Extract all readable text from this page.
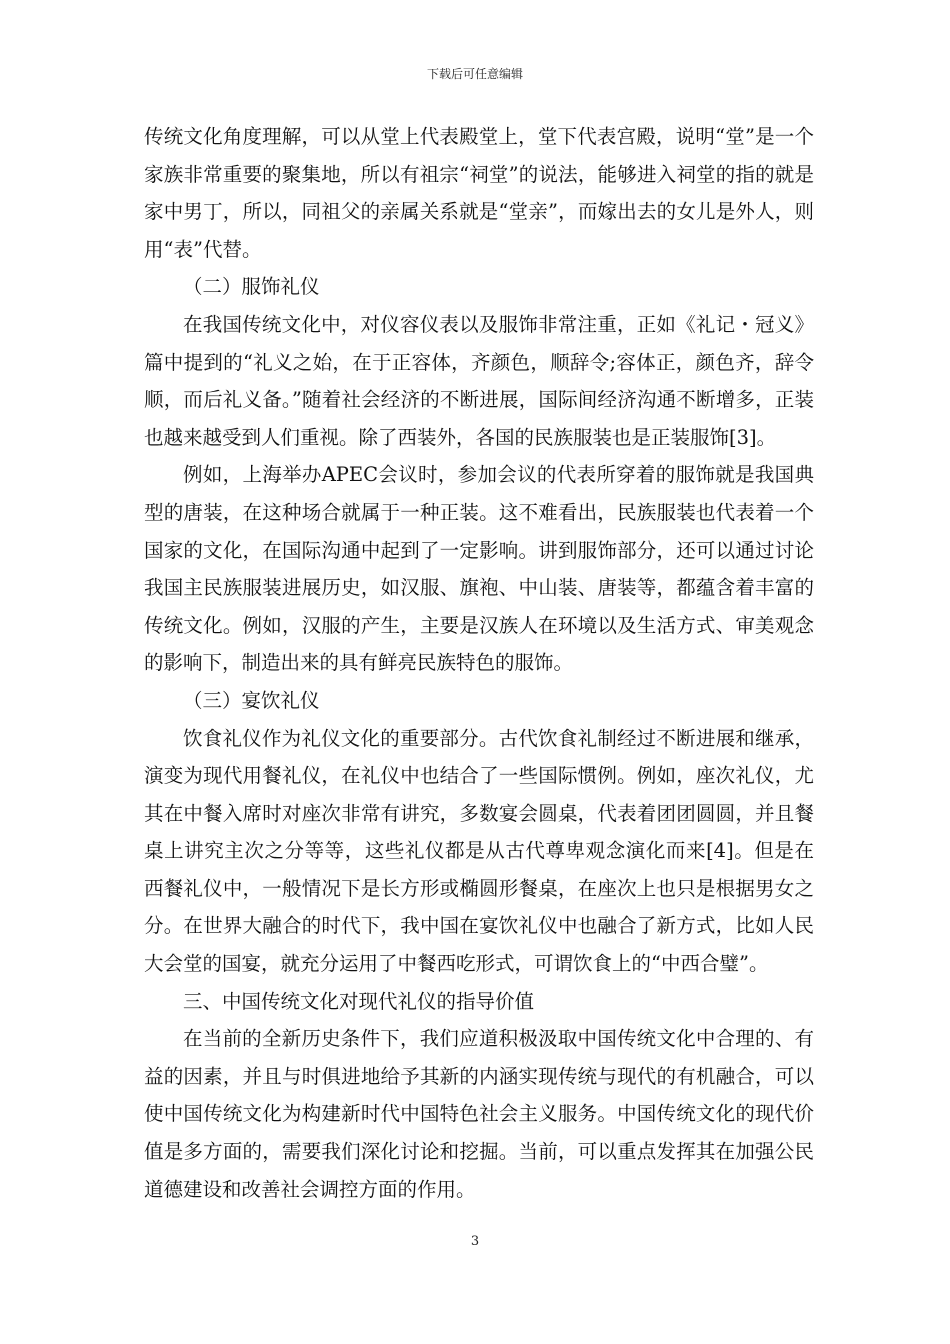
下载后可任意编辑

传统文化角度理解，可以从堂上代表殿堂上，堂下代表宫殿，说明“堂”是一个家族非常重要的聚集地，所以有祖宗“祠堂”的说法，能够进入祠堂的指的就是家中男丁，所以，同祖父的亲属关系就是“堂亲”，而嫁出去的女儿是外人，则用“表”代替。

（二）服饰礼仪

在我国传统文化中，对仪容仪表以及服饰非常注重，正如《礼记・冠义》篇中提到的“礼义之始，在于正容体，齐颜色，顺辞令;容体正，颜色齐，辞令顺，而后礼义备。”随着社会经济的不断进展，国际间经济沟通不断增多，正装也越来越受到人们重视。除了西装外，各国的民族服装也是正装服饰[3]。

例如，上海举办APEC会议时，参加会议的代表所穿着的服饰就是我国典型的唐装，在这种场合就属于一种正装。这不难看出，民族服装也代表着一个国家的文化，在国际沟通中起到了一定影响。讲到服饰部分，还可以通过讨论我国主民族服装进展历史，如汉服、旗袍、中山装、唐装等，都蕴含着丰富的传统文化。例如，汉服的产生，主要是汉族人在环境以及生活方式、审美观念的影响下，制造出来的具有鲜亮民族特色的服饰。

（三）宴饮礼仪

饮食礼仪作为礼仪文化的重要部分。古代饮食礼制经过不断进展和继承，演变为现代用餐礼仪，在礼仪中也结合了一些国际惯例。例如，座次礼仪，尤其在中餐入席时对座次非常有讲究，多数宴会圆桌，代表着团团圆圆，并且餐桌上讲究主次之分等等，这些礼仪都是从古代尊卑观念演化而来[4]。但是在西餐礼仪中，一般情况下是长方形或椭圆形餐桌，在座次上也只是根据男女之分。在世界大融合的时代下，我中国在宴饮礼仪中也融合了新方式，比如人民大会堂的国宴，就充分运用了中餐西吃形式，可谓饮食上的“中西合璧”。

三、中国传统文化对现代礼仪的指导价值

在当前的全新历史条件下，我们应道积极汲取中国传统文化中合理的、有益的因素，并且与时俱进地给予其新的内涵实现传统与现代的有机融合，可以使中国传统文化为构建新时代中国特色社会主义服务。中国传统文化的现代价值是多方面的，需要我们深化讨论和挖掘。当前，可以重点发挥其在加强公民道德建设和改善社会调控方面的作用。

3
